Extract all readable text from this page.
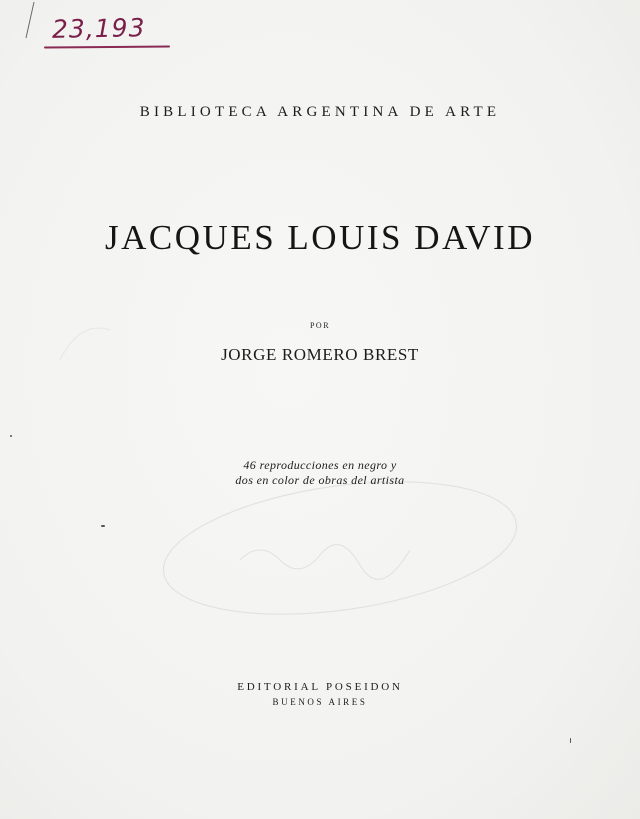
23,193
BIBLIOTECA ARGENTINA DE ARTE
JACQUES LOUIS DAVID
POR
JORGE ROMERO BREST
46 reproducciones en negro y
dos en color de obras del artista
EDITORIAL POSEIDON
BUENOS AIRES
